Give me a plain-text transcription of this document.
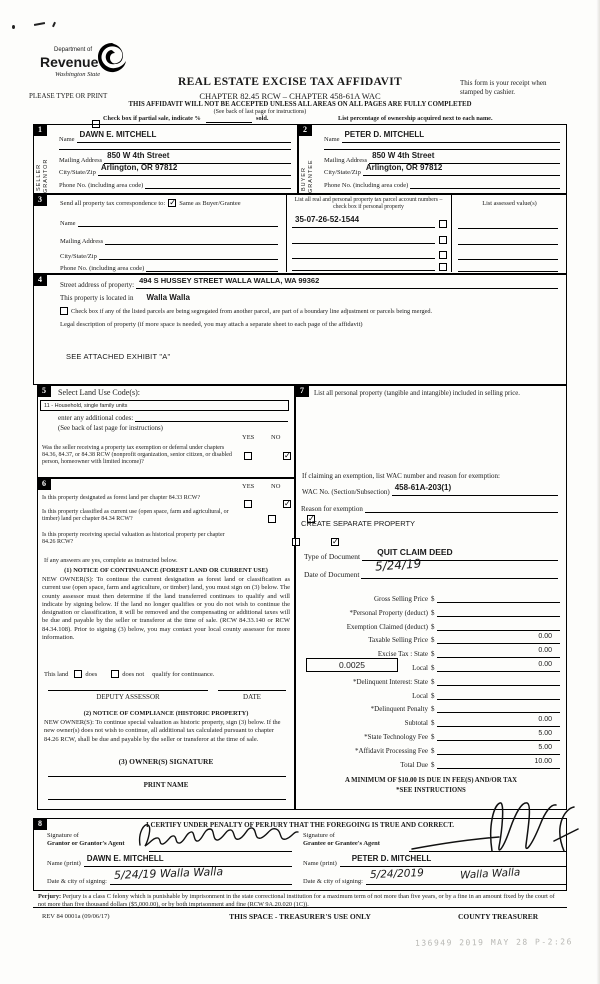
Department of
Revenue
Washington State
PLEASE TYPE OR PRINT
REAL ESTATE EXCISE TAX AFFIDAVIT
CHAPTER 82.45 RCW – CHAPTER 458-61A WAC
This form is your receipt when stamped by cashier.
THIS AFFIDAVIT WILL NOT BE ACCEPTED UNLESS ALL AREAS ON ALL PAGES ARE FULLY COMPLETED
(See back of last page for instructions)
Check box if partial sale, indicate %	sold.	List percentage of ownership acquired next to each name.
1
SELLER GRANTOR
Name
DAWN E. MITCHELL
Mailing Address
850 W 4th Street
City/State/Zip
Arlington, OR 97812
Phone No. (including area code)
2
BUYER GRANTEE
Name
PETER D. MITCHELL
Mailing Address
850 W 4th Street
City/State/Zip
Arlington, OR 97812
Phone No. (including area code)
3	Send all property tax correspondence to: ✓ Same as Buyer/Grantee
Name
Mailing Address
City/State/Zip
Phone No. (including area code)
List all real and personal property tax parcel account numbers – check box if personal property
35-07-26-52-1544
List assessed value(s)
4
Street address of property: 494 S HUSSEY STREET WALLA WALLA, WA 99362
This property is located in	Walla Walla
Check box if any of the listed parcels are being segregated from another parcel, are part of a boundary line adjustment or parcels being merged.
Legal description of property (if more space is needed, you may attach a separate sheet to each page of the affidavit)
SEE ATTACHED EXHIBIT "A"
5	Select Land Use Code(s):
11 - Household, single family units
enter any additional codes:
(See back of last page for instructions)
YES	NO
Was the seller receiving a property tax exemption or deferral under chapters 84.36, 84.37, or 84.38 RCW (nonprofit organization, senior citizen, or disabled person, homeowner with limited income)?
✓
6	YES	NO
Is this property designated as forest land per chapter 84.33 RCW?
✓
Is this property classified as current use (open space, farm and agricultural, or timber) land per chapter 84.34 RCW?
✓
Is this property receiving special valuation as historical property per chapter 84.26 RCW?
✓
If any answers are yes, complete as instructed below.
(1) NOTICE OF CONTINUANCE (FOREST LAND OR CURRENT USE)
NEW OWNER(S): To continue the current designation as forest land or classification as current use (open space, farm and agriculture, or timber) land, you must sign on (3) below. The county assessor must then determine if the land transferred continues to qualify and will indicate by signing below. If the land no longer qualifies or you do not wish to continue the designation or classification, it will be removed and the compensating or additional taxes will be due and payable by the seller or transferor at the time of sale. (RCW 84.33.140 or RCW 84.34.108). Prior to signing (3) below, you may contact your local county assessor for more information.
This land	does	does not qualify for continuance.
DEPUTY ASSESSOR	DATE
(2) NOTICE OF COMPLIANCE (HISTORIC PROPERTY)
NEW OWNER(S): To continue special valuation as historic property, sign (3) below. If the new owner(s) does not wish to continue, all additional tax calculated pursuant to chapter 84.26 RCW, shall be due and payable by the seller or transferor at the time of sale.
(3) OWNER(S) SIGNATURE
PRINT NAME
7	List all personal property (tangible and intangible) included in selling price.
If claiming an exemption, list WAC number and reason for exemption:
WAC No. (Section/Subsection) 458-61A-203(1)
Reason for exemption
CREATE SEPARATE PROPERTY
Type of Document	QUIT CLAIM DEED
Date of Document
5/24/19
Gross Selling Price $
*Personal Property (deduct) $
Exemption Claimed (deduct) $
Taxable Selling Price $	0.00
Excise Tax : State $	0.00
0.0025	Local $	0.00
*Delinquent Interest: State $
Local $
*Delinquent Penalty $
Subtotal $	0.00
*State Technology Fee $	5.00
*Affidavit Processing Fee $	5.00
Total Due $	10.00
A MINIMUM OF $10.00 IS DUE IN FEE(S) AND/OR TAX
*SEE INSTRUCTIONS
8	I CERTIFY UNDER PENALTY OF PERJURY THAT THE FOREGOING IS TRUE AND CORRECT.
Signature of
Grantor or Grantor's Agent
Name (print)
DAWN E. MITCHELL
Date & city of signing: 5/24/19 Walla Walla
Signature of
Grantee or Grantee's Agent
Name (print)
PETER D. MITCHELL
Date & city of signing:
5/24/2019	Walla Walla
Perjury: Perjury is a class C felony which is punishable by imprisonment in the state correctional institution for a maximum term of not more than five years, or by a fine in an amount fixed by the court of not more than five thousand dollars ($5,000.00), or by both imprisonment and fine (RCW 9A.20.020 (1C)).
REV 84 0001a (09/06/17)	THIS SPACE - TREASURER'S USE ONLY	COUNTY TREASURER
136949 2019 MAY 28 P-2:26
